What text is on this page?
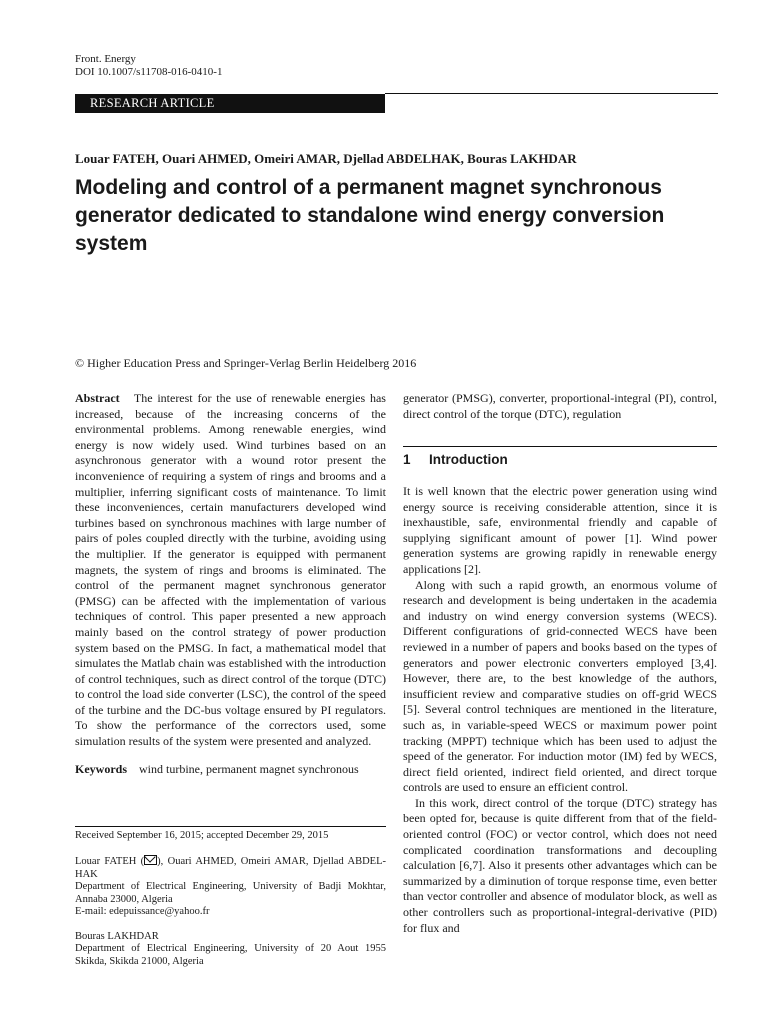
Front. Energy
DOI 10.1007/s11708-016-0410-1
RESEARCH ARTICLE
Louar FATEH, Ouari AHMED, Omeiri AMAR, Djellad ABDELHAK, Bouras LAKHDAR
Modeling and control of a permanent magnet synchronous generator dedicated to standalone wind energy conversion system
© Higher Education Press and Springer-Verlag Berlin Heidelberg 2016

Abstract The interest for the use of renewable energies has increased, because of the increasing concerns of the environmental problems. Among renewable energies, wind energy is now widely used. Wind turbines based on an asynchronous generator with a wound rotor present the inconvenience of requiring a system of rings and brooms and a multiplier, inferring significant costs of maintenance. To limit these inconveniences, certain manufacturers developed wind turbines based on synchronous machines with large number of pairs of poles coupled directly with the turbine, avoiding using the multiplier. If the generator is equipped with permanent magnets, the system of rings and brooms is eliminated. The control of the permanent magnet synchronous generator (PMSG) can be affected with the implementation of various techniques of control. This paper presented a new approach mainly based on the control strategy of power production system based on the PMSG. In fact, a mathematical model that simulates the Matlab chain was established with the introduction of control techniques, such as direct control of the torque (DTC) to control the load side converter (LSC), the control of the speed of the turbine and the DC-bus voltage ensured by PI regulators. To show the performance of the correctors used, some simulation results of the system were presented and analyzed.

Keywords wind turbine, permanent magnet synchronous

Received September 16, 2015; accepted December 29, 2015
Louar FATEH ( ), Ouari AHMED, Omeiri AMAR, Djellad ABDEL-HAK
Department of Electrical Engineering, University of Badji Mokhtar, Annaba 23000, Algeria
E-mail: edepuissance@yahoo.fr
Bouras LAKHDAR
Department of Electrical Engineering, University of 20 Aout 1955 Skikda, Skikda 21000, Algeria
generator (PMSG), converter, proportional-integral (PI), control, direct control of the torque (DTC), regulation
1 Introduction

It is well known that the electric power generation using wind energy source is receiving considerable attention, since it is inexhaustible, safe, environmental friendly and capable of supplying significant amount of power [1]. Wind power generation systems are growing rapidly in renewable energy applications [2].

Along with such a rapid growth, an enormous volume of research and development is being undertaken in the academia and industry on wind energy conversion systems (WECS). Different configurations of grid-connected WECS have been reviewed in a number of papers and books based on the types of generators and power electronic converters employed [3,4]. However, there are, to the best knowledge of the authors, insufficient review and comparative studies on off-grid WECS [5]. Several control techniques are mentioned in the literature, such as, in variable-speed WECS or maximum power point tracking (MPPT) technique which has been used to adjust the speed of the generator. For induction motor (IM) fed by WECS, direct field oriented, indirect field oriented, and direct torque controls are used to ensure an efficient control.

In this work, direct control of the torque (DTC) strategy has been opted for, because is quite different from that of the field-oriented control (FOC) or vector control, which does not need complicated coordination transformations and decoupling calculation [6,7]. Also it presents other advantages which can be summarized by a diminution of torque response time, even better than vector controller and absence of modulator block, as well as other controllers such as proportional-integral-derivative (PID) for flux and
